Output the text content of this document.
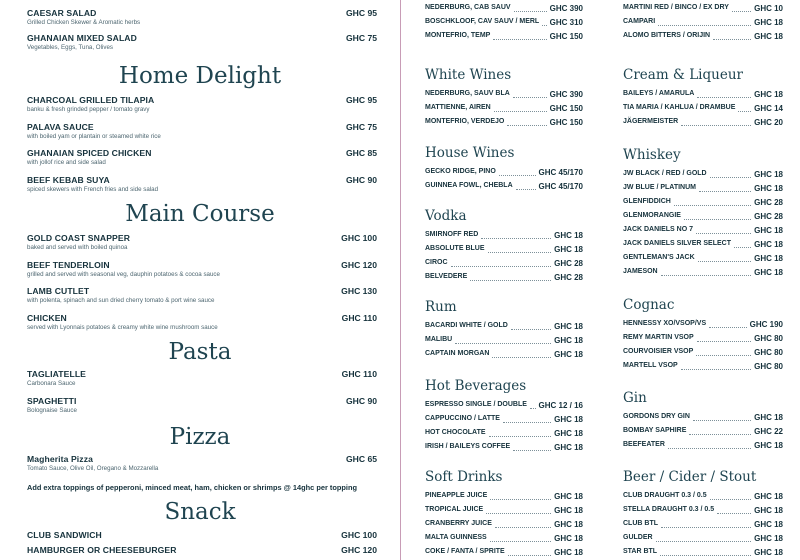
Home Delight
Main Course
Pasta
Pizza
Snack
Add extra toppings of pepperoni, minced meat, ham, chicken or shrimps @ 14ghc per topping
CAESAR SALAD
Grilled Chicken Skewer & Aromatic herbs
GHC 95
GHANAIAN MIXED SALAD
Vegetables, Eggs, Tuna, Olives
GHC 75
CHARCOAL GRILLED TILAPIA
banku & fresh grinded pepper / tomato gravy
GHC 95
PALAVA SAUCE
with boiled yam or plantain or steamed white rice
GHC 75
GHANAIAN SPICED CHICKEN
with jollof rice and side salad
GHC 85
BEEF KEBAB SUYA
spiced skewers with French fries and side salad
GHC 90
GOLD COAST SNAPPER
baked and served with boiled quinoa
GHC 100
BEEF TENDERLOIN
grilled and served with seasonal veg, dauphin potatoes & cocoa sauce
GHC 120
LAMB CUTLET
with polenta, spinach and sun dried cherry tomato & port wine sauce
GHC 130
CHICKEN
served with Lyonnais potatoes & creamy white wine mushroom sauce
GHC 110
TAGLIATELLE
Carbonara Sauce
GHC 110
SPAGHETTI
Bolognaise Sauce
GHC 90
Magherita Pizza
Tomato Sauce, Olive Oil, Oregano & Mozzarella
GHC 65
CLUB SANDWICH	GHC 100
HAMBURGER OR CHEESEBURGER	GHC 120
NEDERBURG, CAB SAUV	GHC 390
BOSCHKLOOF, CAV SAUV / MERL GHC 310
MONTEFRIO, TEMP	GHC 150
White Wines
NEDERBURG, SAUV BLA	GHC 390
MATTIENNE, AIREN	GHC 150
MONTEFRIO, VERDEJO	GHC 150
House Wines
GECKO RIDGE, PINO	GHC 45/170
GUINNEA FOWL, CHEBLA	GHC 45/170
Vodka
SMIRNOFF RED	GHC 18
ABSOLUTE BLUE	GHC 18
CIROC	GHC 28
BELVEDERE	GHC 28
Rum
BACARDI WHITE / GOLD	GHC 18
MALIBU	GHC 18
CAPTAIN MORGAN	GHC 18
Hot Beverages
ESPRESSO SINGLE / DOUBLE GHC 12 / 16
CAPPUCCINO / LATTE	GHC 18
HOT CHOCOLATE	GHC 18
IRISH / BAILEYS COFFEE	GHC 18
Soft Drinks
PINEAPPLE JUICE	GHC 18
TROPICAL JUICE	GHC 18
CRANBERRY JUICE	GHC 18
MALTA GUINNESS	GHC 18
COKE / FANTA / SPRITE	GHC 18
MARTINI RED / BINCO / EX DRY	GHC 10
CAMPARI	GHC 18
ALOMO BITTERS / ORIJIN	GHC 18
Cream & Liqueur
BAILEYS / AMARULA	GHC 18
TIA MARIA / KAHLUA / DRAMBUE GHC 14
JÄGERMEISTER	GHC 20
Whiskey
JW BLACK / RED / GOLD	GHC 18
JW BLUE / PLATINUM	GHC 18
GLENFIDDICH	GHC 28
GLENMORANGIE	GHC 28
JACK DANIELS NO 7	GHC 18
JACK DANIELS SILVER SELECT	GHC 18
GENTLEMAN'S JACK	GHC 18
JAMESON	GHC 18
Cognac
HENNESSY XO/VSOP/VS	GHC 190
REMY MARTIN VSOP	GHC 80
COURVOISIER VSOP	GHC 80
MARTELL VSOP	GHC 80
Gin
GORDONS DRY GIN	GHC 18
BOMBAY SAPHIRE	GHC 22
BEEFEATER	GHC 18
Beer / Cider / Stout
CLUB DRAUGHT 0.3 / 0.5	GHC 18
STELLA DRAUGHT 0.3 / 0.5	GHC 18
CLUB BTL	GHC 18
GULDER	GHC 18
STAR BTL	GHC 18
